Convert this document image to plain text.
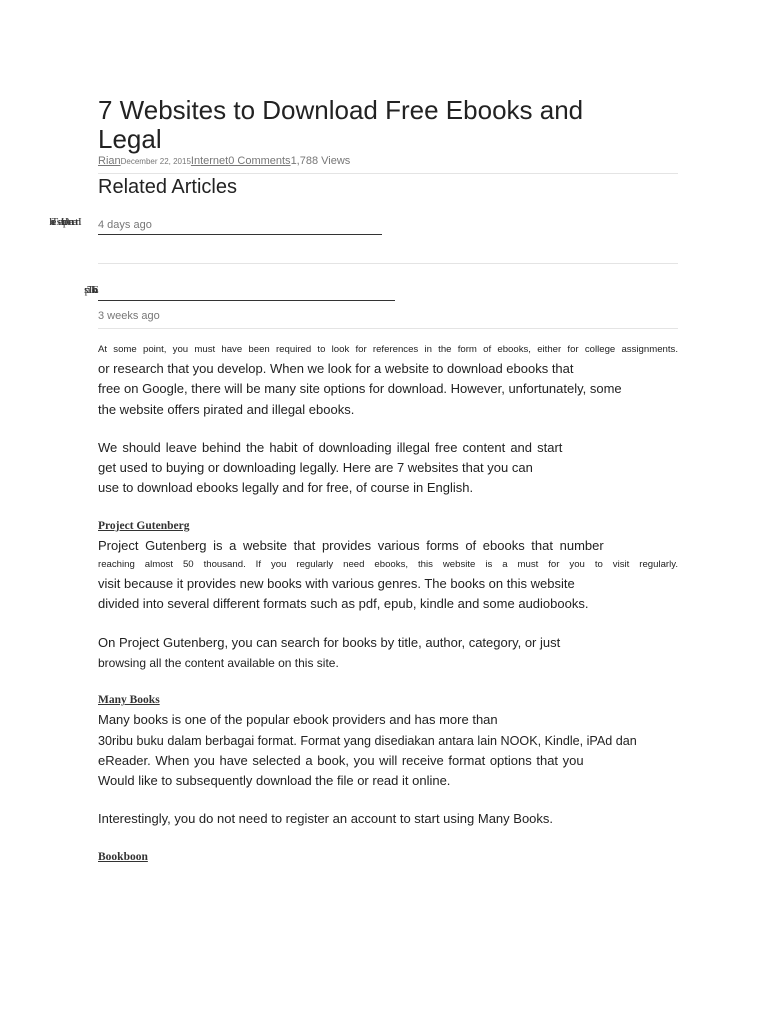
7 Websites to Download Free Ebooks and
Legal
RianDecember 22, 2015Internet0 Comments1,788 Views
Related Articles
4 days ago
3 weeks ago
At some point, you must have been required to look for references in the form of ebooks, either for college assignments.
or research that you develop. When we look for a website to download ebooks that
free on Google, there will be many site options for download. However, unfortunately, some
the website offers pirated and illegal ebooks.
We should leave behind the habit of downloading illegal free content and start
get used to buying or downloading legally. Here are 7 websites that you can
use to download ebooks legally and for free, of course in English.
Project Gutenberg
Project Gutenberg is a website that provides various forms of ebooks that number
reaching almost 50 thousand. If you regularly need ebooks, this website is a must for you to visit regularly.
visit because it provides new books with various genres. The books on this website
divided into several different formats such as pdf, epub, kindle and some audiobooks.
On Project Gutenberg, you can search for books by title, author, category, or just
browsing all the content available on this site.
Many Books
Many books is one of the popular ebook providers and has more than
30ribu buku dalam berbagai format. Format yang disediakan antara lain NOOK, Kindle, iPAd dan
eReader. When you have selected a book, you will receive format options that you
Would like to subsequently download the file or read it online.
Interestingly, you do not need to register an account to start using Many Books.
Bookboon
